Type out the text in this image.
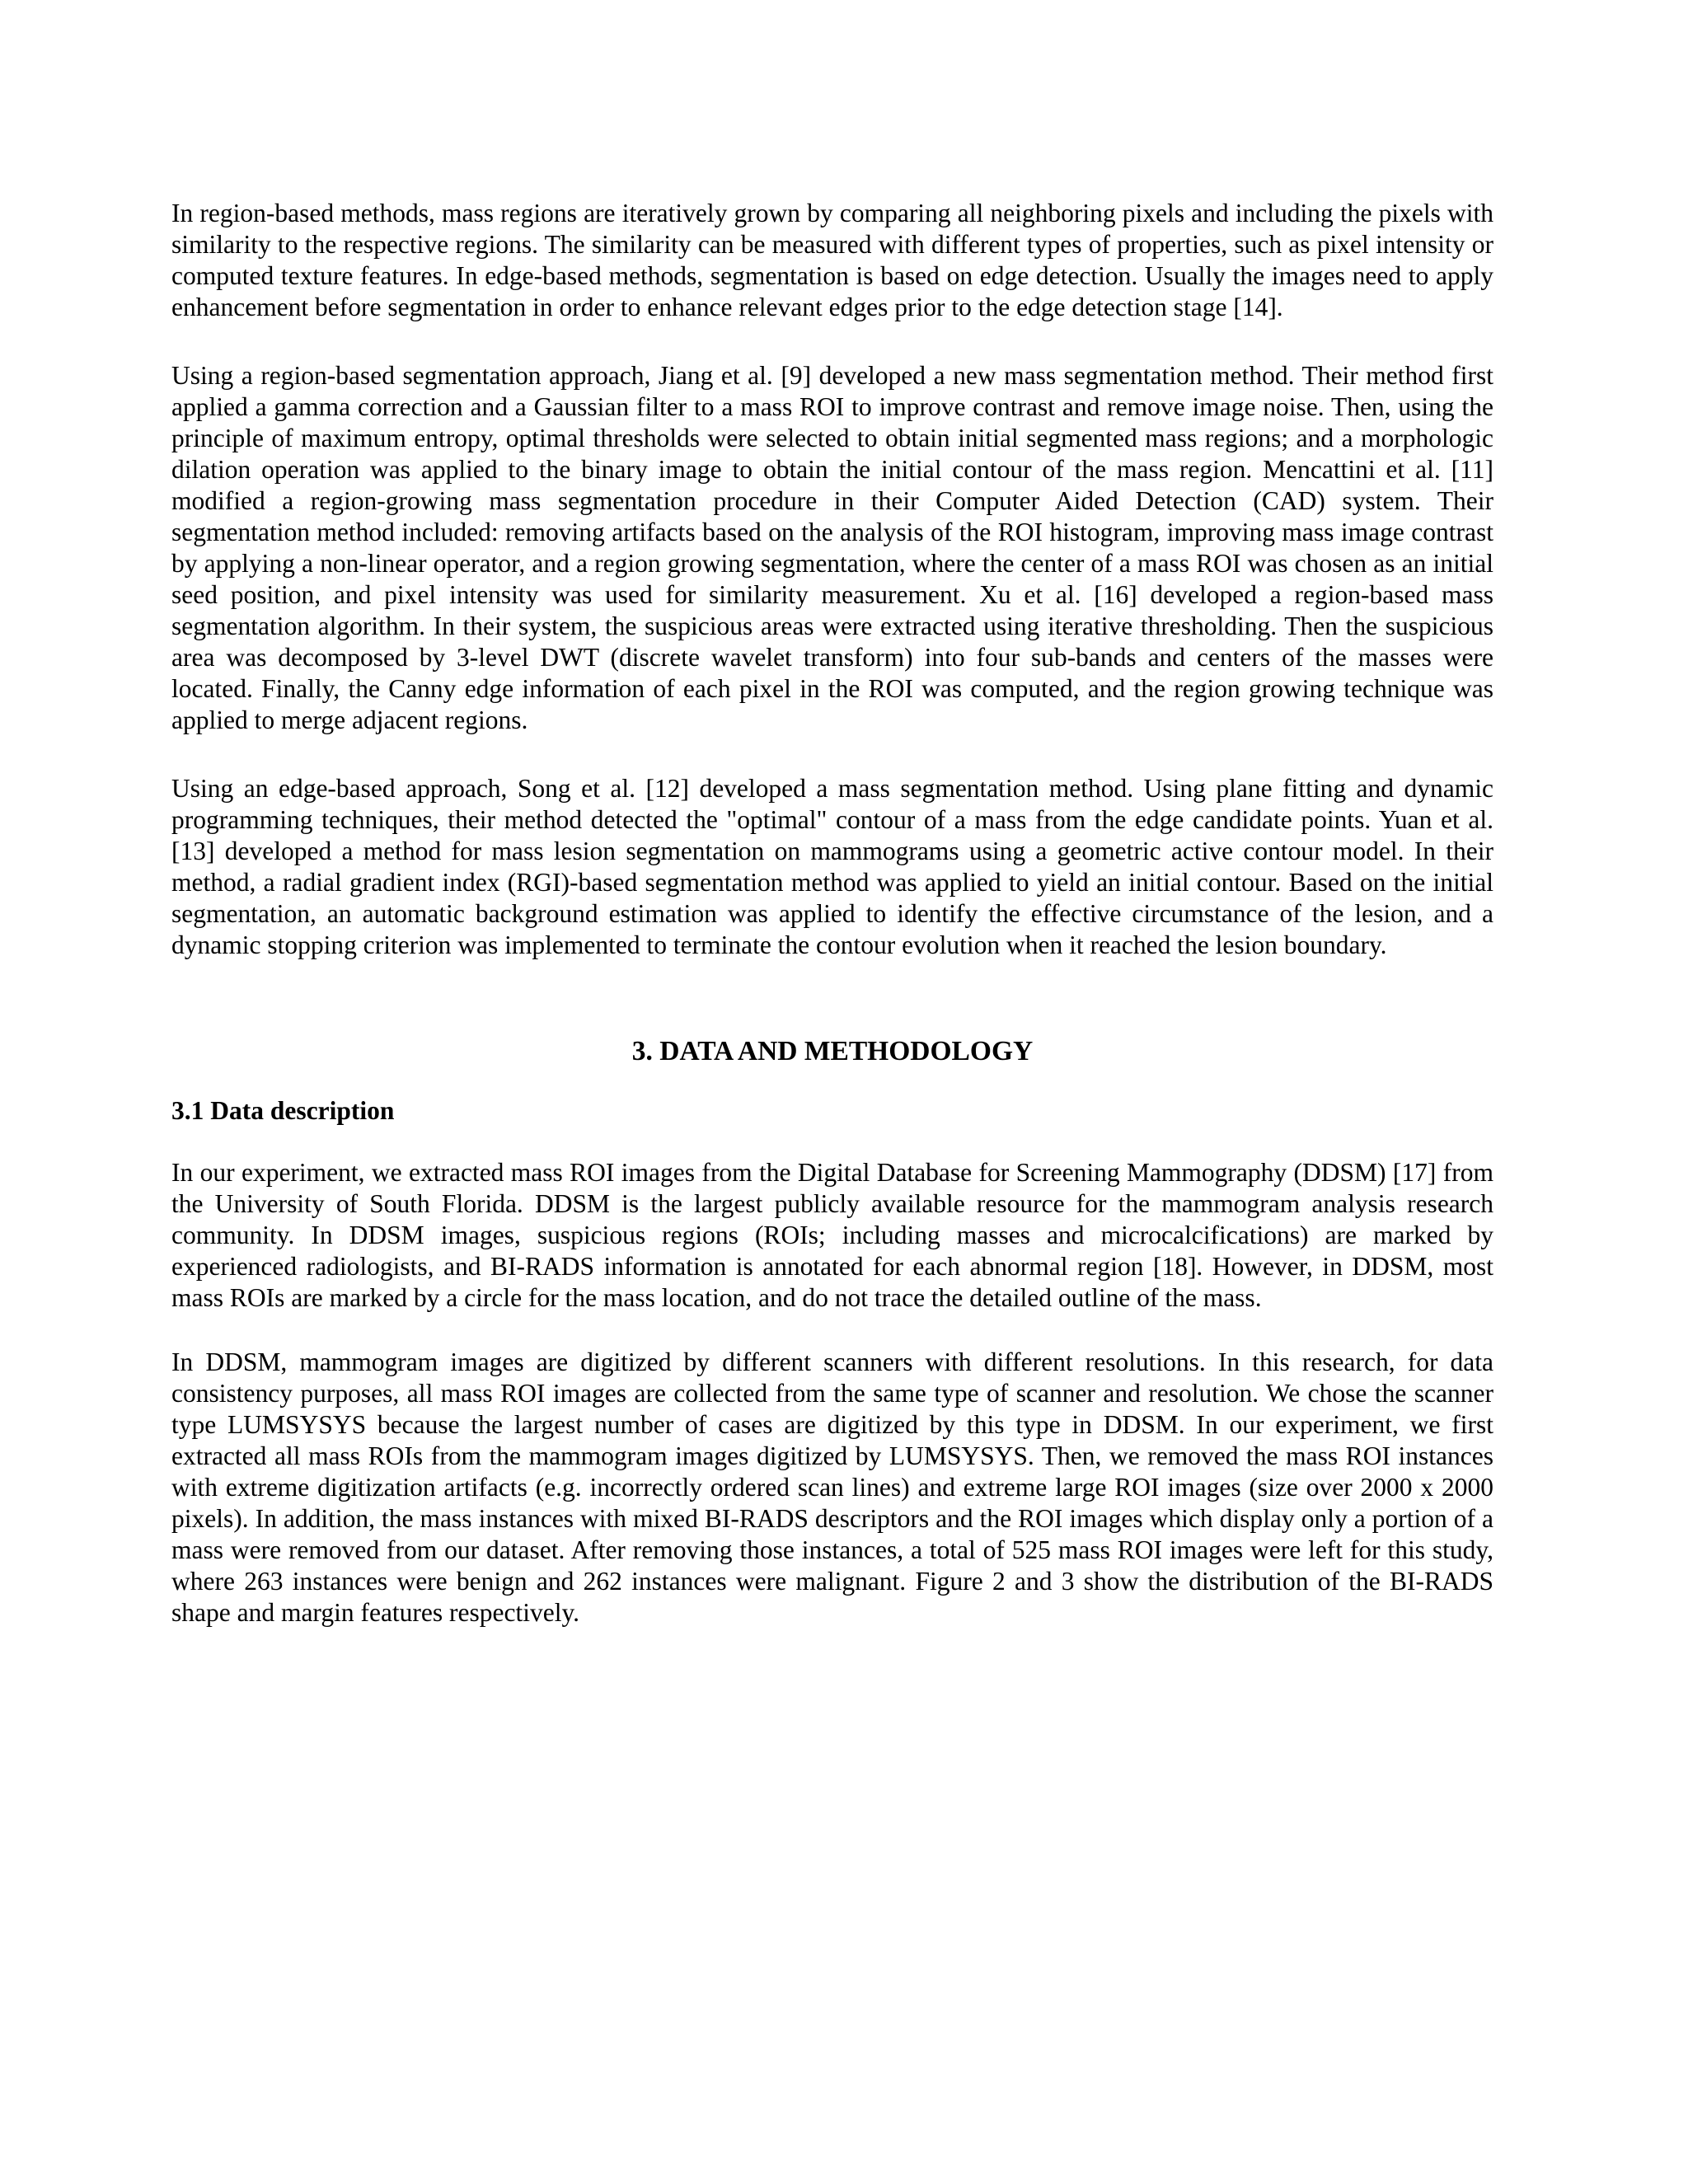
In region-based methods, mass regions are iteratively grown by comparing all neighboring pixels and including the pixels with similarity to the respective regions. The similarity can be measured with different types of properties, such as pixel intensity or computed texture features. In edge-based methods, segmentation is based on edge detection. Usually the images need to apply enhancement before segmentation in order to enhance relevant edges prior to the edge detection stage [14].

Using a region-based segmentation approach, Jiang et al. [9] developed a new mass segmentation method. Their method first applied a gamma correction and a Gaussian filter to a mass ROI to improve contrast and remove image noise. Then, using the principle of maximum entropy, optimal thresholds were selected to obtain initial segmented mass regions; and a morphologic dilation operation was applied to the binary image to obtain the initial contour of the mass region. Mencattini et al. [11] modified a region-growing mass segmentation procedure in their Computer Aided Detection (CAD) system. Their segmentation method included: removing artifacts based on the analysis of the ROI histogram, improving mass image contrast by applying a non-linear operator, and a region growing segmentation, where the center of a mass ROI was chosen as an initial seed position, and pixel intensity was used for similarity measurement. Xu et al. [16] developed a region-based mass segmentation algorithm. In their system, the suspicious areas were extracted using iterative thresholding. Then the suspicious area was decomposed by 3-level DWT (discrete wavelet transform) into four sub-bands and centers of the masses were located. Finally, the Canny edge information of each pixel in the ROI was computed, and the region growing technique was applied to merge adjacent regions.

Using an edge-based approach, Song et al. [12] developed a mass segmentation method. Using plane fitting and dynamic programming techniques, their method detected the "optimal" contour of a mass from the edge candidate points. Yuan et al. [13] developed a method for mass lesion segmentation on mammograms using a geometric active contour model. In their method, a radial gradient index (RGI)-based segmentation method was applied to yield an initial contour. Based on the initial segmentation, an automatic background estimation was applied to identify the effective circumstance of the lesion, and a dynamic stopping criterion was implemented to terminate the contour evolution when it reached the lesion boundary.

3. DATA AND METHODOLOGY
3.1 Data description

In our experiment, we extracted mass ROI images from the Digital Database for Screening Mammography (DDSM) [17] from the University of South Florida. DDSM is the largest publicly available resource for the mammogram analysis research community. In DDSM images, suspicious regions (ROIs; including masses and microcalcifications) are marked by experienced radiologists, and BI-RADS information is annotated for each abnormal region [18]. However, in DDSM, most mass ROIs are marked by a circle for the mass location, and do not trace the detailed outline of the mass.

In DDSM, mammogram images are digitized by different scanners with different resolutions. In this research, for data consistency purposes, all mass ROI images are collected from the same type of scanner and resolution. We chose the scanner type LUMSYSYS because the largest number of cases are digitized by this type in DDSM. In our experiment, we first extracted all mass ROIs from the mammogram images digitized by LUMSYSYS. Then, we removed the mass ROI instances with extreme digitization artifacts (e.g. incorrectly ordered scan lines) and extreme large ROI images (size over 2000 x 2000 pixels). In addition, the mass instances with mixed BI-RADS descriptors and the ROI images which display only a portion of a mass were removed from our dataset. After removing those instances, a total of 525 mass ROI images were left for this study, where 263 instances were benign and 262 instances were malignant. Figure 2 and 3 show the distribution of the BI-RADS shape and margin features respectively.
